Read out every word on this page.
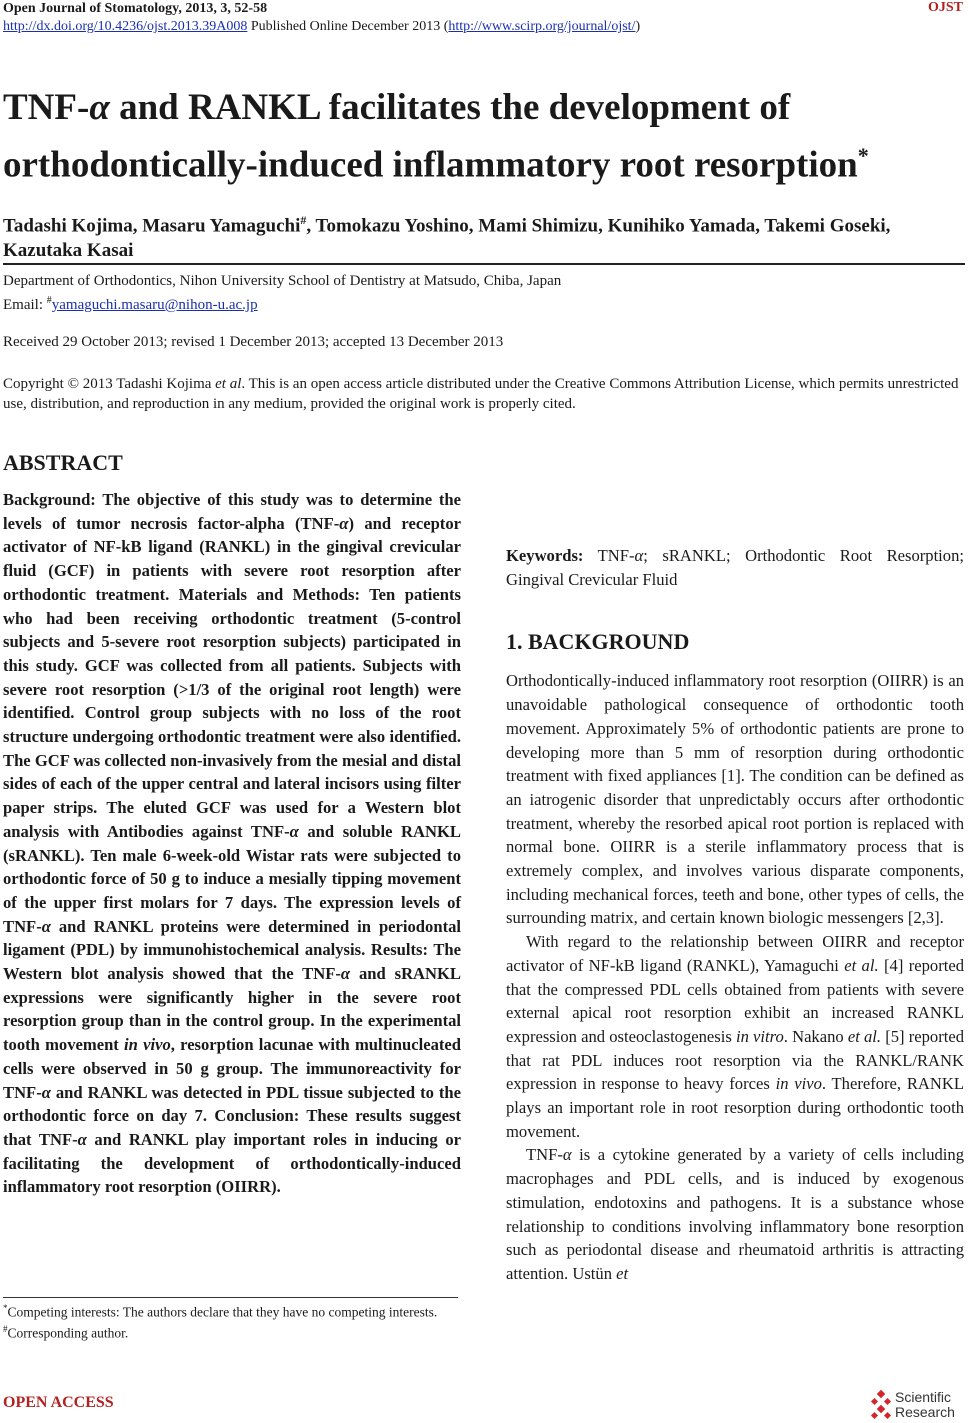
Open Journal of Stomatology, 2013, 3, 52-58
http://dx.doi.org/10.4236/ojst.2013.39A008 Published Online December 2013 (http://www.scirp.org/journal/ojst/)
OJST
TNF-α and RANKL facilitates the development of orthodontically-induced inflammatory root resorption*
Tadashi Kojima, Masaru Yamaguchi#, Tomokazu Yoshino, Mami Shimizu, Kunihiko Yamada, Takemi Goseki, Kazutaka Kasai
Department of Orthodontics, Nihon University School of Dentistry at Matsudo, Chiba, Japan
Email: #yamaguchi.masaru@nihon-u.ac.jp
Received 29 October 2013; revised 1 December 2013; accepted 13 December 2013
Copyright © 2013 Tadashi Kojima et al. This is an open access article distributed under the Creative Commons Attribution License, which permits unrestricted use, distribution, and reproduction in any medium, provided the original work is properly cited.
ABSTRACT

Background: The objective of this study was to determine the levels of tumor necrosis factor-alpha (TNF-α) and receptor activator of NF-kB ligand (RANKL) in the gingival crevicular fluid (GCF) in patients with severe root resorption after orthodontic treatment. Materials and Methods: Ten patients who had been receiving orthodontic treatment (5-control subjects and 5-severe root resorption subjects) participated in this study. GCF was collected from all patients. Subjects with severe root resorption (>1/3 of the original root length) were identified. Control group subjects with no loss of the root structure undergoing orthodontic treatment were also identified. The GCF was collected non-invasively from the mesial and distal sides of each of the upper central and lateral incisors using filter paper strips. The eluted GCF was used for a Western blot analysis with Antibodies against TNF-α and soluble RANKL (sRANKL). Ten male 6-week-old Wistar rats were subjected to orthodontic force of 50 g to induce a mesially tipping movement of the upper first molars for 7 days. The expression levels of TNF-α and RANKL proteins were determined in periodontal ligament (PDL) by immunohistochemical analysis. Results: The Western blot analysis showed that the TNF-α and sRANKL expressions were significantly higher in the severe root resorption group than in the control group. In the experimental tooth movement in vivo, resorption lacunae with multinucleated cells were observed in 50 g group. The immunoreactivity for TNF-α and RANKL was detected in PDL tissue subjected to the orthodontic force on day 7. Conclusion: These results suggest that TNF-α and RANKL play important roles in inducing or facilitating the development of orthodontically-induced inflammatory root resorption (OIIRR).

Keywords: TNF-α; sRANKL; Orthodontic Root Resorption; Gingival Crevicular Fluid

1. BACKGROUND

Orthodontically-induced inflammatory root resorption (OIIRR) is an unavoidable pathological consequence of orthodontic tooth movement. Approximately 5% of orthodontic patients are prone to developing more than 5 mm of resorption during orthodontic treatment with fixed appliances [1]. The condition can be defined as an iatrogenic disorder that unpredictably occurs after orthodontic treatment, whereby the resorbed apical root portion is replaced with normal bone. OIIRR is a sterile inflammatory process that is extremely complex, and involves various disparate components, including mechanical forces, teeth and bone, other types of cells, the surrounding matrix, and certain known biologic messengers [2,3].

With regard to the relationship between OIIRR and receptor activator of NF-kB ligand (RANKL), Yamaguchi et al. [4] reported that the compressed PDL cells obtained from patients with severe external apical root resorption exhibit an increased RANKL expression and osteoclastogenesis in vitro. Nakano et al. [5] reported that rat PDL induces root resorption via the RANKL/RANK expression in response to heavy forces in vivo. Therefore, RANKL plays an important role in root resorption during orthodontic tooth movement.

TNF-α is a cytokine generated by a variety of cells including macrophages and PDL cells, and is induced by exogenous stimulation, endotoxins and pathogens. It is a substance whose relationship to conditions involving inflammatory bone resorption such as periodontal disease and rheumatoid arthritis is attracting attention. Ustün et

*Competing interests: The authors declare that they have no competing interests.
#Corresponding author.
OPEN ACCESS	Scientific
Research
